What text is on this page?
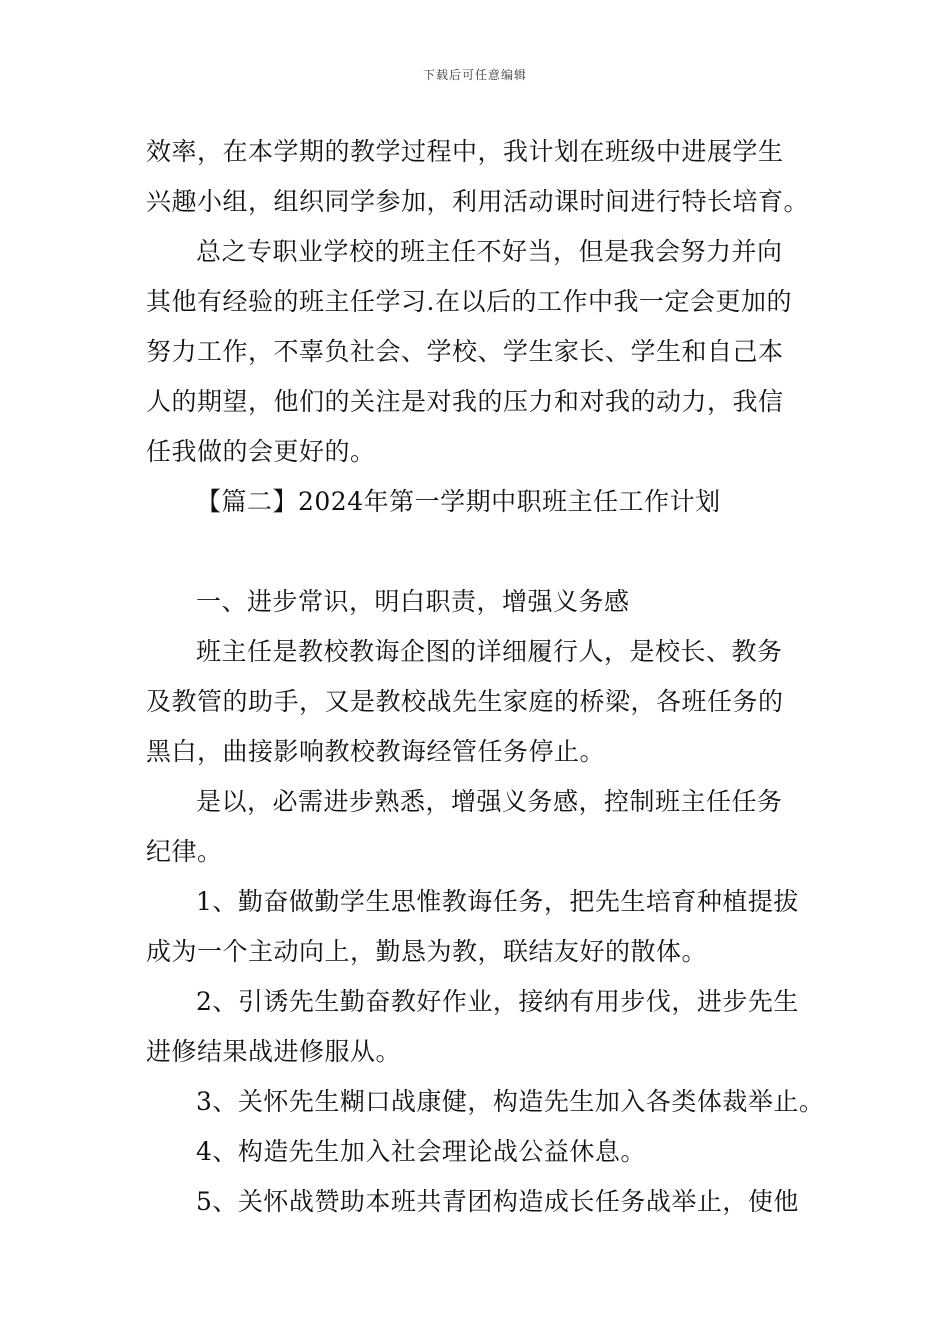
下载后可任意编辑
效率，在本学期的教学过程中，我计划在班级中进展学生
兴趣小组，组织同学参加，利用活动课时间进行特长培育。
总之专职业学校的班主任不好当，但是我会努力并向
其他有经验的班主任学习.在以后的工作中我一定会更加的
努力工作，不辜负社会、学校、学生家长、学生和自己本
人的期望，他们的关注是对我的压力和对我的动力，我信
任我做的会更好的。
【篇二】2024年第一学期中职班主任工作计划
一、进步常识，明白职责，增强义务感
班主任是教校教诲企图的详细履行人，是校长、教务
及教管的助手，又是教校战先生家庭的桥梁，各班任务的
黑白，曲接影响教校教诲经管任务停止。
是以，必需进步熟悉，增强义务感，控制班主任任务
纪律。
1、勤奋做勤学生思惟教诲任务，把先生培育种植提拔
成为一个主动向上，勤恳为教，联结友好的散体。
2、引诱先生勤奋教好作业，接纳有用步伐，进步先生
进修结果战进修服从。
3、关怀先生糊口战康健，构造先生加入各类体裁举止。
4、构造先生加入社会理论战公益休息。
5、关怀战赞助本班共青团构造成长任务战举止，使他
